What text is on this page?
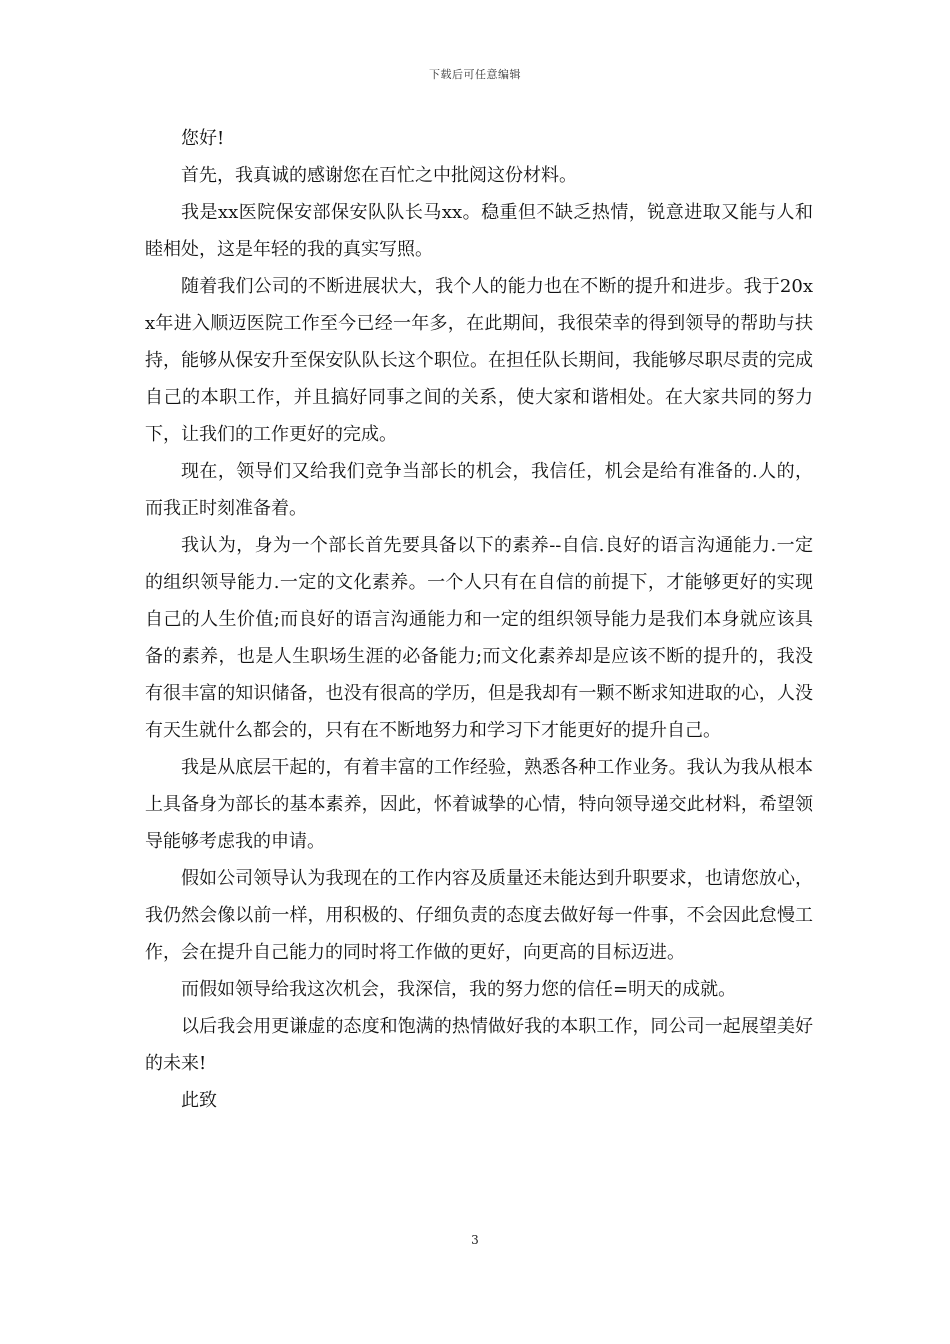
下载后可任意编辑

您好!

首先，我真诚的感谢您在百忙之中批阅这份材料。

我是xx医院保安部保安队队长马xx。稳重但不缺乏热情，锐意进取又能与人和睦相处，这是年轻的我的真实写照。

随着我们公司的不断进展状大，我个人的能力也在不断的提升和进步。我于20xx年进入顺迈医院工作至今已经一年多，在此期间，我很荣幸的得到领导的帮助与扶持，能够从保安升至保安队队长这个职位。在担任队长期间，我能够尽职尽责的完成自己的本职工作，并且搞好同事之间的关系，使大家和谐相处。在大家共同的努力下，让我们的工作更好的完成。

现在，领导们又给我们竞争当部长的机会，我信任，机会是给有准备的.人的，而我正时刻准备着。

我认为，身为一个部长首先要具备以下的素养--自信.良好的语言沟通能力.一定的组织领导能力.一定的文化素养。一个人只有在自信的前提下，才能够更好的实现自己的人生价值;而良好的语言沟通能力和一定的组织领导能力是我们本身就应该具备的素养，也是人生职场生涯的必备能力;而文化素养却是应该不断的提升的，我没有很丰富的知识储备，也没有很高的学历，但是我却有一颗不断求知进取的心，人没有天生就什么都会的，只有在不断地努力和学习下才能更好的提升自己。

我是从底层干起的，有着丰富的工作经验，熟悉各种工作业务。我认为我从根本上具备身为部长的基本素养，因此，怀着诚挚的心情，特向领导递交此材料，希望领导能够考虑我的申请。

假如公司领导认为我现在的工作内容及质量还未能达到升职要求，也请您放心，我仍然会像以前一样，用积极的、仔细负责的态度去做好每一件事，不会因此怠慢工作，会在提升自己能力的同时将工作做的更好，向更高的目标迈进。

而假如领导给我这次机会，我深信，我的努力您的信任=明天的成就。

以后我会用更谦虚的态度和饱满的热情做好我的本职工作，同公司一起展望美好的未来!

此致

3
